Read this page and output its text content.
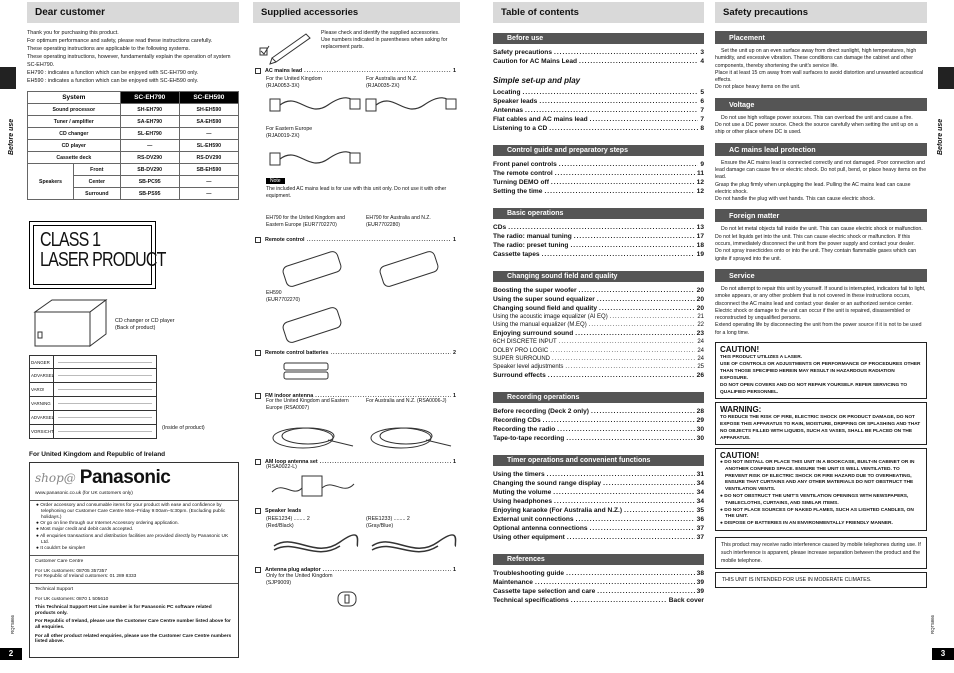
Dear customer
Thank you for purchasing this product.
For optimum performance and safety, please read these instructions carefully.
These operating instructions are applicable to the following systems.
These operating instructions, however, fundamentally explain the operation of system SC-EH790.
EH790 : indicates a function which can be enjoyed with SC-EH790 only.
EH590 : indicates a function which can be enjoyed with SC-EH590 only.
System		SC-EH790	SC-EH590
Sound processor		SH-EH790	SH-EH590
Tuner / amplifier		SA-EH790	SA-EH590
CD changer		SL-EH790	—
CD player		—	SL-EH590
Cassette deck		RS-DV290	RS-DV290
Speakers	Front	SB-DV290	SB-EH590
	Center	SB-PC95	—
	Surround	SB-PS95	—
Before use
CLASS 1
LASER PRODUCT
CD changer or CD player
(Back of product)
DANGER
ADVARSEL
VARO!
VARNING
ADVARSEL
VORSICHT
(Inside of product)
For United Kingdom and Republic of Ireland
shop@ Panasonic
www.panasonic.co.uk (for UK customers only)
● Order accessory and consumable items for your product with ease and confidence by telephoning our Customer Care Centre Mon–Friday 9:00am–5:30pm. (Excluding public holidays.)
● Or go on line through our Internet Accessory ordering application.
● Most major credit and debit cards accepted.
● All enquiries transactions and distribution facilities are provided directly by Panasonic UK Ltd.
● It couldn't be simpler!
Customer Care Centre
For UK customers: 08705 357357
For Republic of Ireland customers: 01 289 8333
Technical Support
For UK customers: 0870 1 505610
This Technical Support Hot Line number is for Panasonic PC software related products only.
For Republic of Ireland, please use the Customer Care Centre number listed above for all enquiries.
For all other product related enquiries, please use the Customer Care Centre numbers listed above.
2
RQT5866
Supplied accessories
Please check and identify the supplied accessories.
Use numbers indicated in parentheses when asking for replacement parts.
AC mains lead .....	1
Remote control .....	1
Remote control batteries .....	2
FM indoor antenna .....	1
AM loop antenna set .....	1
Speaker leads
Antenna plug adaptor .....	1
For the United Kingdom
(RJA0053-3X)
For Australia and N.Z.
(RJA0035-2X)
For Eastern Europe
(RJA0019-2X)
Note
The included AC mains lead is for use with this unit only. Do not use it with other equipment.
EH790 for the United Kingdom and Eastern Europe (EUR7702270)
EH790 for Australia and N.Z. (EUR7702280)
EH590
(EUR7702270)
For the United Kingdom and Eastern Europe (RSA0007)
For Australia and N.Z. (RSA0006-J)
(RSA0022-L)
(REE1234) ........ 2
(Red/Black)
(REE1233) ........ 2
(Gray/Blue)
Only for the United Kingdom
(SJP9009)
Table of contents
Before use
Safety precautions .....	3
Caution for AC Mains Lead .....	4
Simple set-up and play
Locating .....	5
Speaker leads .....	6
Antennas .....	7
Flat cables and AC mains lead .....	7
Listening to a CD .....	8
Control guide and preparatory steps
Front panel controls .....	9
The remote control .....	11
Turning DEMO off .....	12
Setting the time .....	12
Basic operations
CDs .....	13
The radio: manual tuning .....	17
The radio: preset tuning .....	18
Cassette tapes .....	19
Changing sound field and quality
Boosting the super woofer .....	20
Using the super sound equalizer .....	20
Changing sound field and quality .....	20
Using the acoustic image equalizer (AI EQ) .....	21
Using the manual equalizer (M.EQ) .....	22
Enjoying surround sound .....	23
6CH DISCRETE INPUT .....	24
DOLBY PRO LOGIC .....	24
SUPER SURROUND .....	24
Speaker level adjustments .....	25
Surround effects .....	26
Recording operations
Before recording (Deck 2 only) .....	28
Recording CDs .....	29
Recording the radio .....	30
Tape-to-tape recording .....	30
Timer operations and convenient functions
Using the timers .....	31
Changing the sound range display .....	34
Muting the volume .....	34
Using headphones .....	34
Enjoying karaoke (For Australia and N.Z.) .....	35
External unit connections .....	36
Optional antenna connections .....	37
Using other equipment .....	37
References
Troubleshooting guide .....	38
Maintenance .....	39
Cassette tape selection and care .....	39
Technical specifications .....	Back cover
Safety precautions
Placement
Set the unit up on an even surface away from direct sunlight, high temperatures, high humidity, and excessive vibration. These conditions can damage the cabinet and other components, thereby shortening the unit's service life.
Place it at least 15 cm away from wall surfaces to avoid distortion and unwanted acoustical effects.
Do not place heavy items on the unit.
Voltage
Do not use high voltage power sources. This can overload the unit and cause a fire.
Do not use a DC power source. Check the source carefully when setting the unit up on a ship or other place where DC is used.
AC mains lead protection
Ensure the AC mains lead is connected correctly and not damaged. Poor connection and lead damage can cause fire or electric shock. Do not pull, bend, or place heavy items on the lead.
Grasp the plug firmly when unplugging the lead. Pulling the AC mains lead can cause electric shock.
Do not handle the plug with wet hands. This can cause electric shock.
Foreign matter
Do not let metal objects fall inside the unit. This can cause electric shock or malfunction.
Do not let liquids get into the unit. This can cause electric shock or malfunction. If this occurs, immediately disconnect the unit from the power supply and contact your dealer.
Do not spray insecticides onto or into the unit. They contain flammable gases which can ignite if sprayed into the unit.
Service
Do not attempt to repair this unit by yourself. If sound is interrupted, indicators fail to light, smoke appears, or any other problem that is not covered in these instructions occurs, disconnect the AC mains lead and contact your dealer or an authorized service center. Electric shock or damage to the unit can occur if the unit is repaired, disassembled or reconstructed by unqualified persons.
Extend operating life by disconnecting the unit from the power source if it is not to be used for a long time.
CAUTION!
THIS PRODUCT UTILIZES A LASER.
USE OF CONTROLS OR ADJUSTMENTS OR PERFORMANCE OF PROCEDURES OTHER THAN THOSE SPECIFIED HEREIN MAY RESULT IN HAZARDOUS RADIATION EXPOSURE.
DO NOT OPEN COVERS AND DO NOT REPAIR YOURSELF. REFER SERVICING TO QUALIFIED PERSONNEL.
WARNING:
TO REDUCE THE RISK OF FIRE, ELECTRIC SHOCK OR PRODUCT DAMAGE, DO NOT EXPOSE THIS APPARATUS TO RAIN, MOISTURE, DRIPPING OR SPLASHING AND THAT NO OBJECTS FILLED WITH LIQUIDS, SUCH AS VASES, SHALL BE PLACED ON THE APPARATUS.
CAUTION!
● DO NOT INSTALL OR PLACE THIS UNIT IN A BOOKCASE, BUILT-IN CABINET OR IN ANOTHER CONFINED SPACE. ENSURE THE UNIT IS WELL VENTILATED. TO PREVENT RISK OF ELECTRIC SHOCK OR FIRE HAZARD DUE TO OVERHEATING, ENSURE THAT CURTAINS AND ANY OTHER MATERIALS DO NOT OBSTRUCT THE VENTILATION VENTS.
● DO NOT OBSTRUCT THE UNIT'S VENTILATION OPENINGS WITH NEWSPAPERS, TABLECLOTHS, CURTAINS, AND SIMILAR ITEMS.
● DO NOT PLACE SOURCES OF NAKED FLAMES, SUCH AS LIGHTED CANDLES, ON THE UNIT.
● DISPOSE OF BATTERIES IN AN ENVIRONMENTALLY FRIENDLY MANNER.
This product may receive radio interference caused by mobile telephones during use. If such interference is apparent, please increase separation between the product and the mobile telephone.
THIS UNIT IS INTENDED FOR USE IN MODERATE CLIMATES.
Before use
3
RQT5866
